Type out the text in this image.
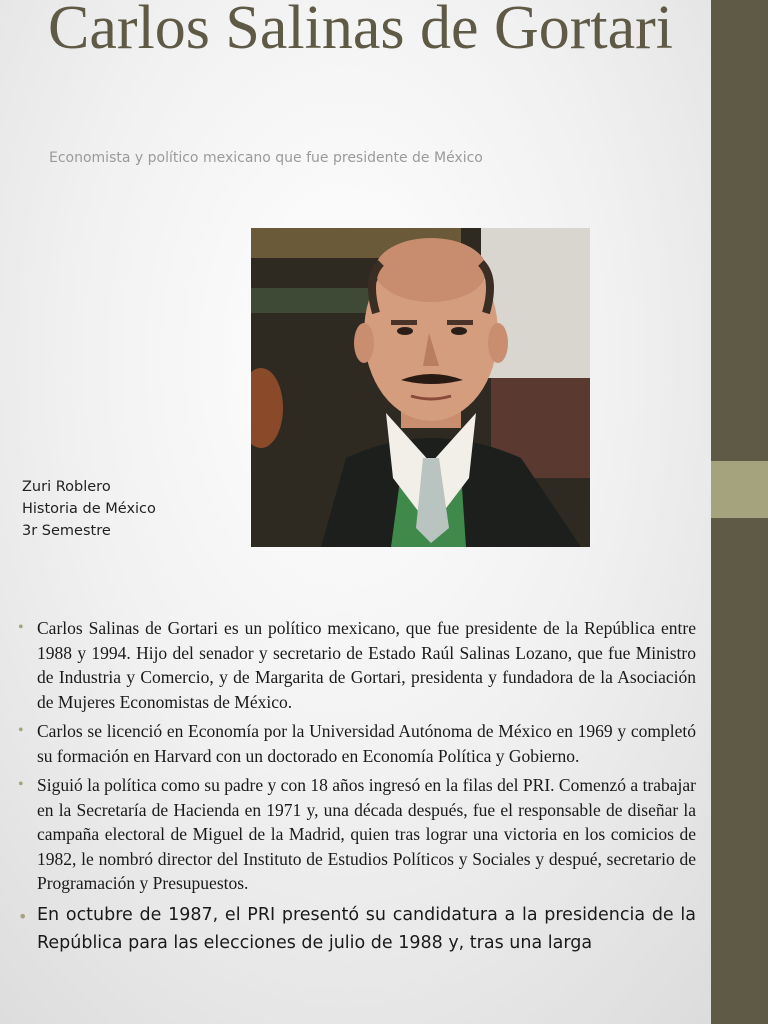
Carlos Salinas de Gortari
Economista y político mexicano que fue presidente de México
Zuri Roblero
Historia de México
3r Semestre
• Carlos Salinas de Gortari es un político mexicano, que fue presidente de la República entre 1988 y 1994. Hijo del senador y secretario de Estado Raúl Salinas Lozano, que fue Ministro de Industria y Comercio, y de Margarita de Gortari, presidenta y fundadora de la Asociación de Mujeres Economistas de México.
• Carlos se licenció en Economía por la Universidad Autónoma de México en 1969 y completó su formación en Harvard con un doctorado en Economía Política y Gobierno.
• Siguió la política como su padre y con 18 años ingresó en la filas del PRI. Comenzó a trabajar en la Secretaría de Hacienda en 1971 y, una década después, fue el responsable de diseñar la campaña electoral de Miguel de la Madrid, quien tras lograr una victoria en los comicios de 1982, le nombró director del Instituto de Estudios Políticos y Sociales y despué, secretario de Programación y Presupuestos.
• En octubre de 1987, el PRI presentó su candidatura a la presidencia de la República para las elecciones de julio de 1988 y, tras una larga
